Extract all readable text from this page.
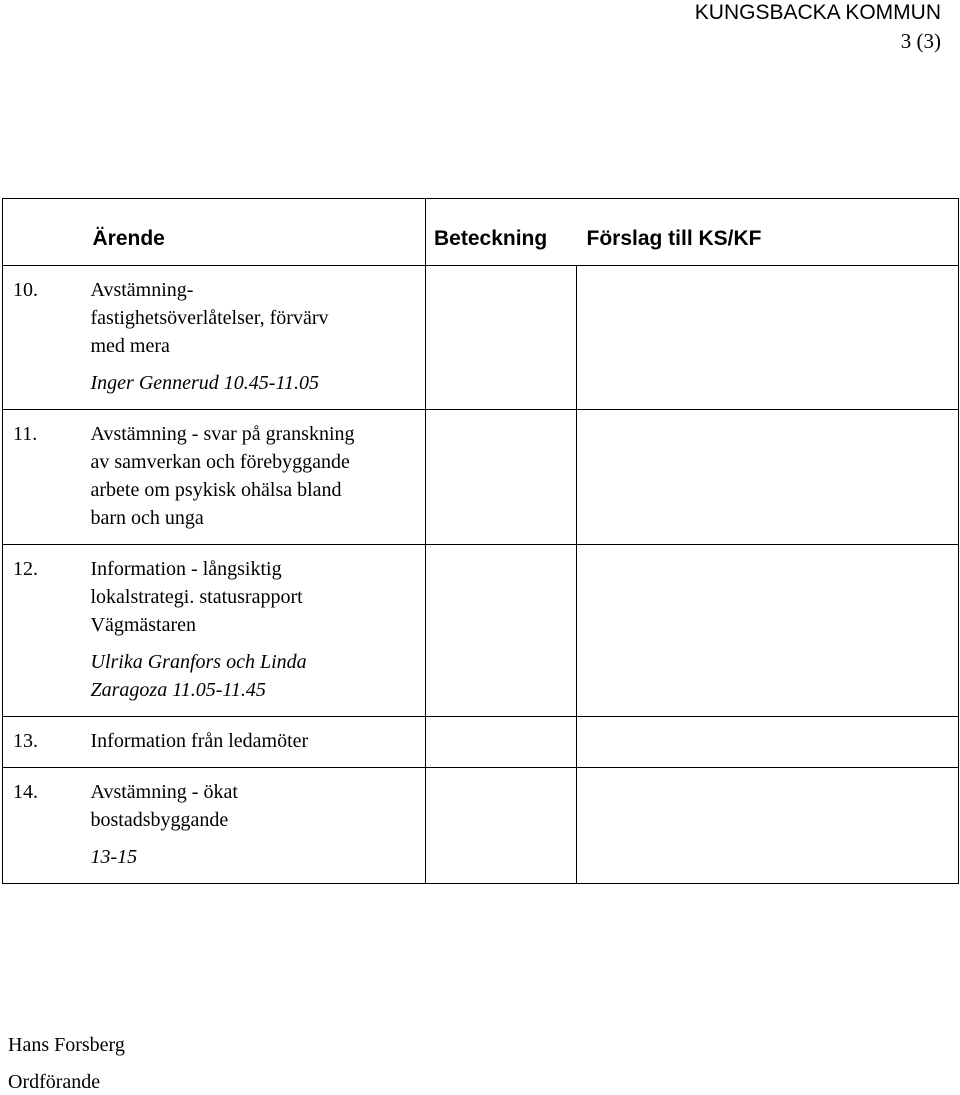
KUNGSBACKA KOMMUN
3 (3)

	Ärende	Beteckning	Förslag till KS/KF

10.	Avstämning-
fastighetsöverlåtelser, förvärv
med mera
Inger Gennerud 10.45-11.05		

11.	Avstämning - svar på granskning
av samverkan och förebyggande
arbete om psykisk ohälsa bland
barn och unga		

12.	Information - långsiktig
lokalstrategi. statusrapport
Vägmästaren
Ulrika Granfors och Linda
Zaragoza 11.05-11.45		

13.	Information från ledamöter		

14.	Avstämning - ökat
bostadsbyggande
13-15		

Hans Forsberg
Ordförande
